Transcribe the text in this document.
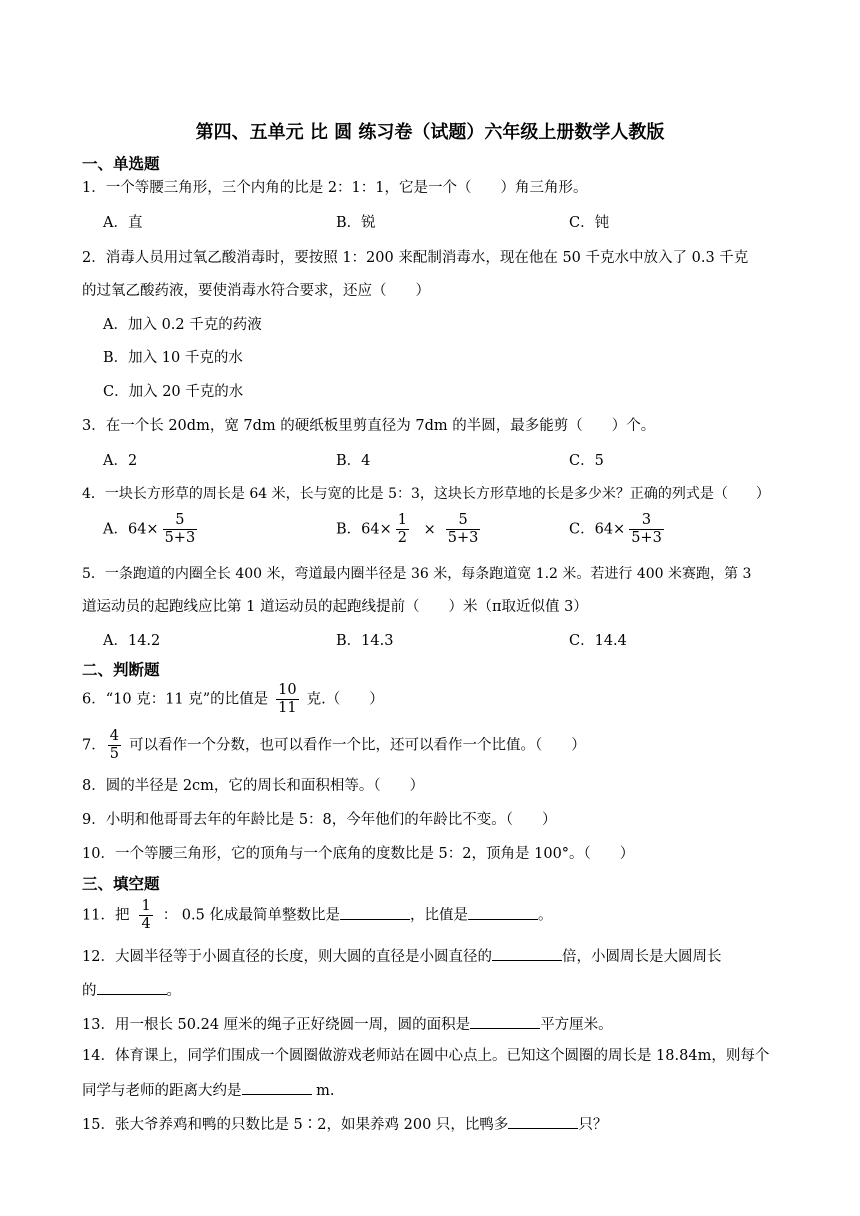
第四、五单元 比 圆 练习卷（试题）六年级上册数学人教版
一、单选题
1．一个等腰三角形，三个内角的比是 2：1：1，它是一个（　　）角三角形。
A．直	B．锐	C．钝
2．消毒人员用过氧乙酸消毒时，要按照 1：200 来配制消毒水，现在他在 50 千克水中放入了 0.3 千克
的过氧乙酸药液，要使消毒水符合要求，还应（　　）
A．加入 0.2 千克的药液
B．加入 10 千克的水
C．加入 20 千克的水
3．在一个长 20dm，宽 7dm 的硬纸板里剪直径为 7dm 的半圆，最多能剪（　　）个。
A．2	B．4	C．5
4．一块长方形草的周长是 64 米，长与宽的比是 5：3，这块长方形草地的长是多少米？正确的列式是（　　）
A．$64\times \frac{5}{5+3}$	B．$64\times \frac{1}{2} \times \frac{5}{5+3}$	C．$64\times \frac{3}{5+3}$
5．一条跑道的内圈全长 400 米，弯道最内圈半径是 36 米，每条跑道宽 1.2 米。若进行 400 米赛跑，第 3
道运动员的起跑线应比第 1 道运动员的起跑线提前（　　）米（π取近似值 3）
A．14.2	B．14.3	C．14.4
二、判断题
6．“10 克：11 克”的比值是 $\frac{10}{11}$ 克.（　　）
7． $\frac{4}{5}$ 可以看作一个分数，也可以看作一个比，还可以看作一个比值。（　　）
8．圆的半径是 2cm，它的周长和面积相等。（　　）
9．小明和他哥哥去年的年龄比是 5：8，今年他们的年龄比不变。（　　）
10．一个等腰三角形，它的顶角与一个底角的度数比是 5：2，顶角是 100°。（　　）
三、填空题
11．把 $\frac{1}{4}$ ： 0.5 化成最简单整数比是	，比值是	。
12．大圆半径等于小圆直径的长度，则大圆的直径是小圆直径的	倍，小圆周长是大圆周长
的	。
13．用一根长 50.24 厘米的绳子正好绕圆一周，圆的面积是	平方厘米。
14．体育课上，同学们围成一个圆圈做游戏老师站在圆中心点上。已知这个圆圈的周长是 18.84m，则每个
同学与老师的距离大约是	m.
15．张大爷养鸡和鸭的只数比是 5∶2，如果养鸡 200 只，比鸭多	只？
